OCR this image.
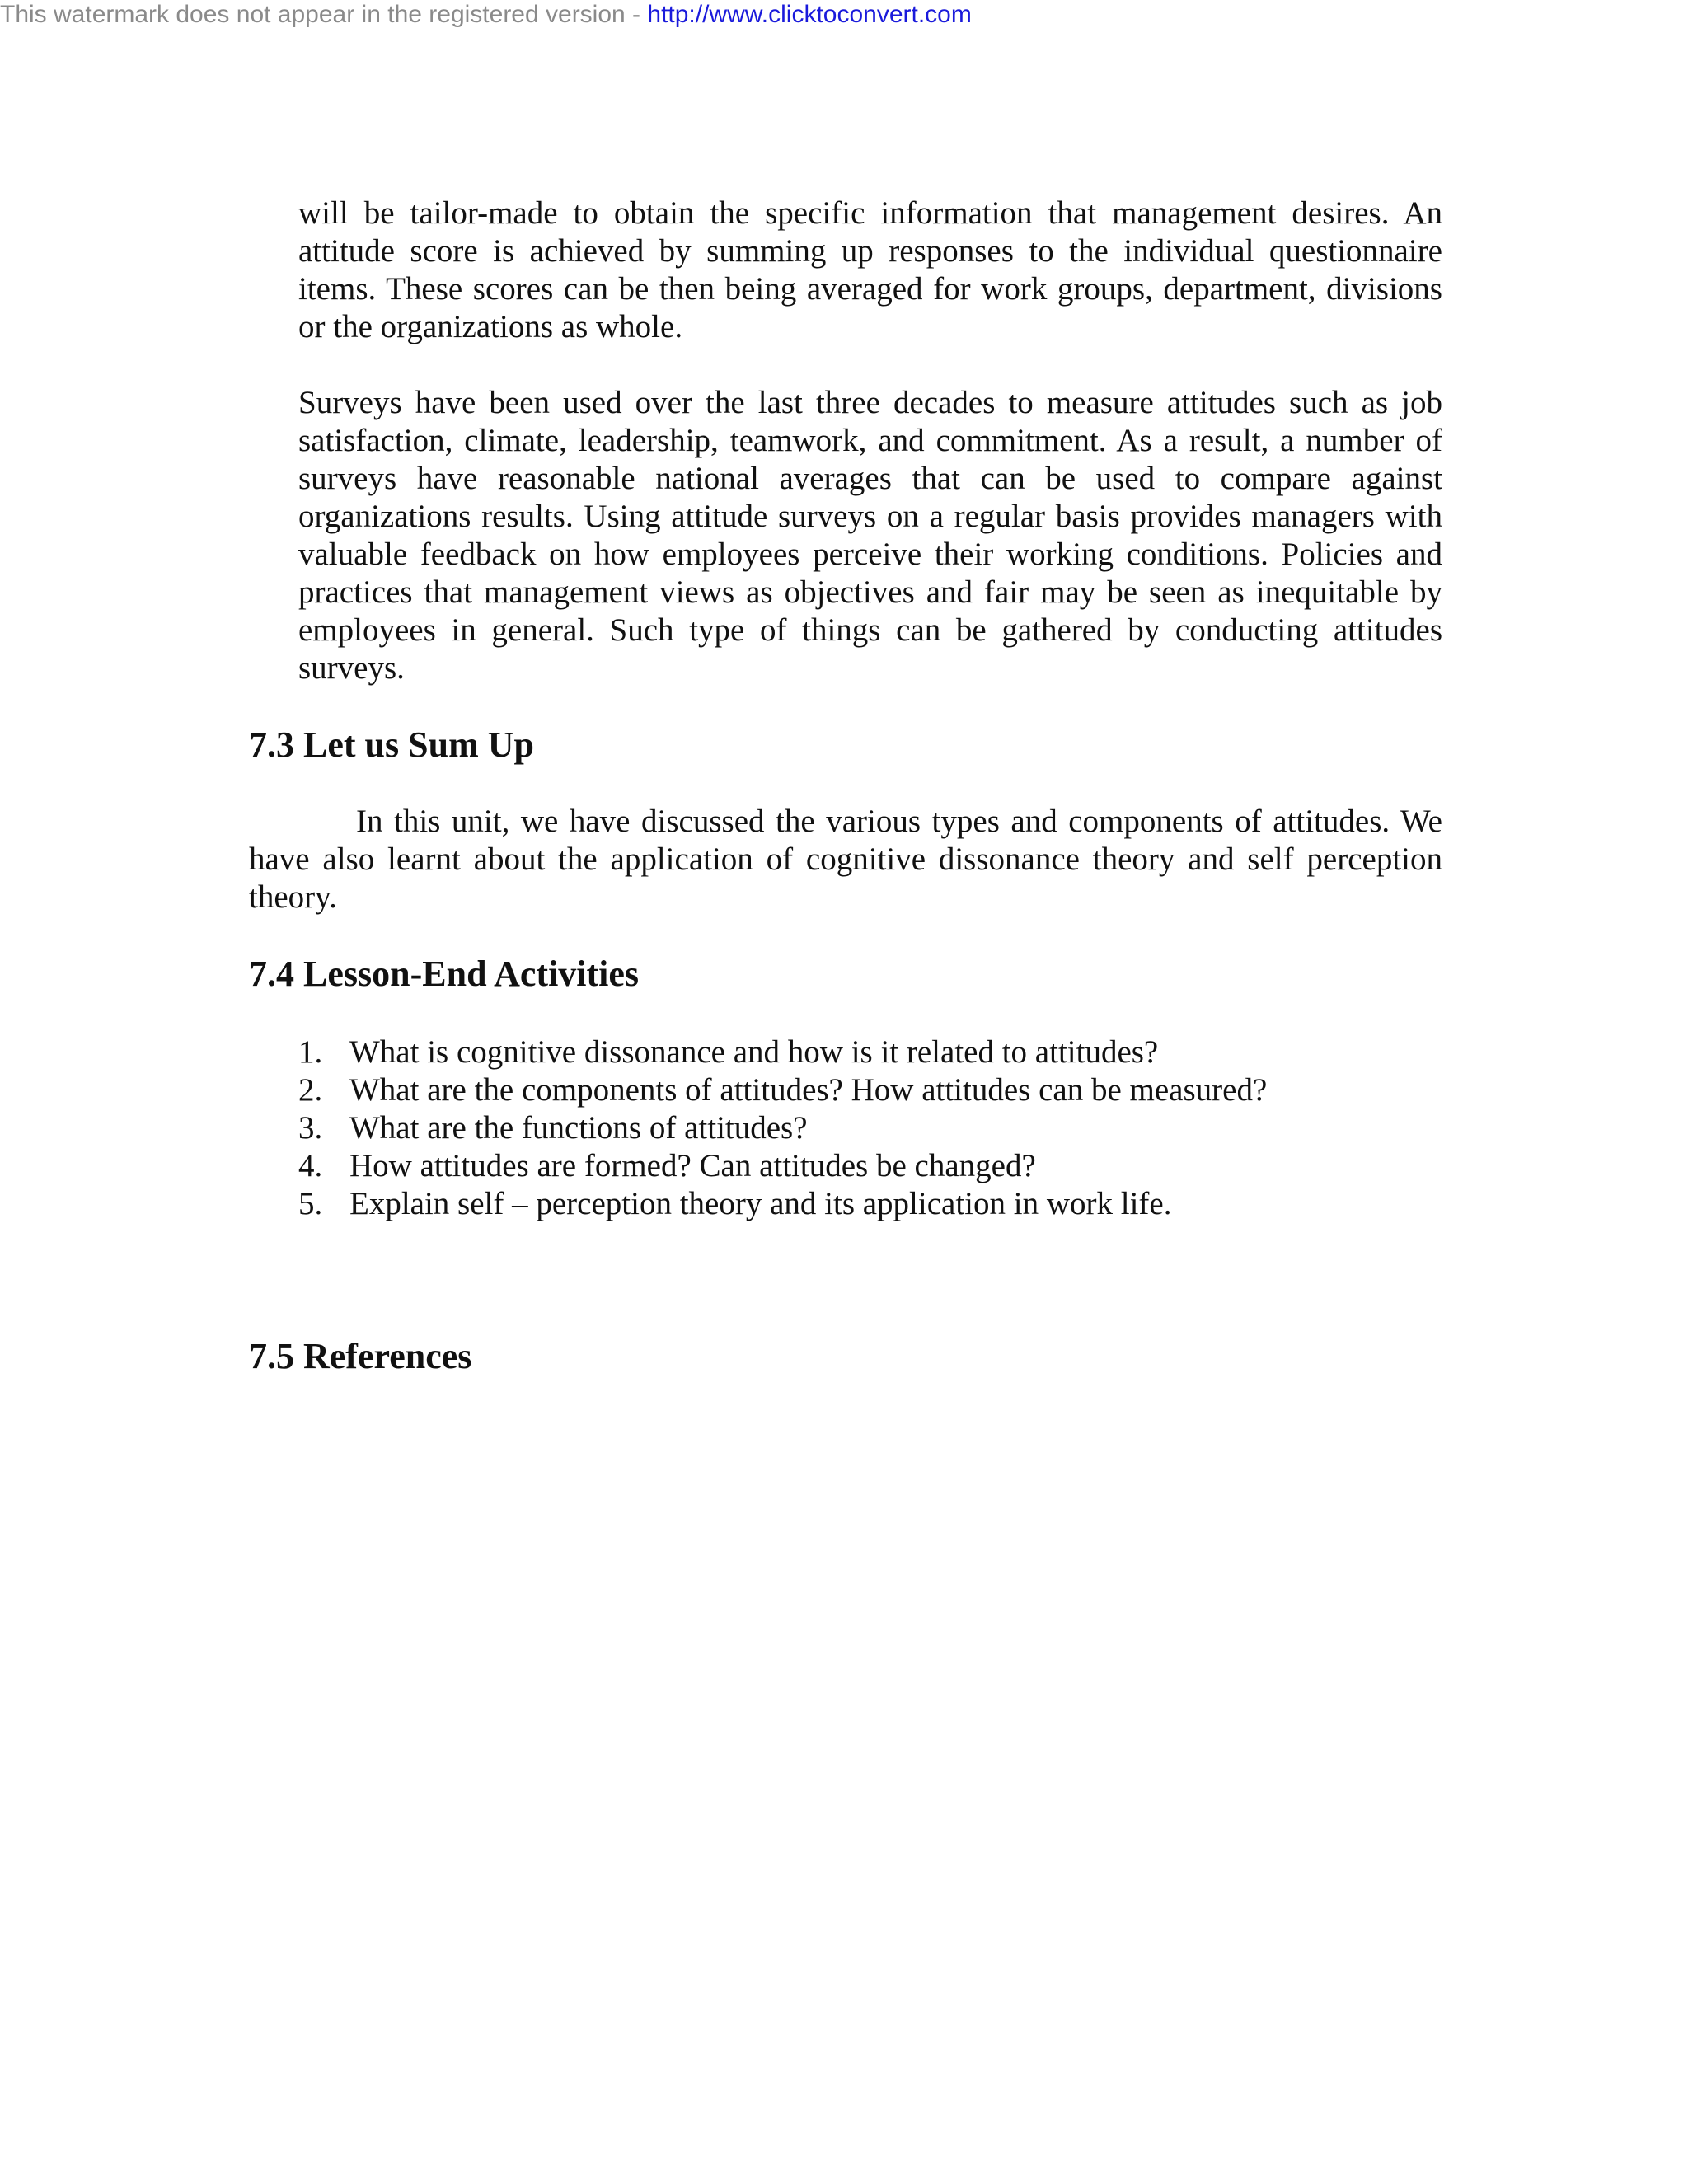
This watermark does not appear in the registered version - http://www.clicktoconvert.com

will be tailor-made to obtain the specific information that management desires. An attitude score is achieved by summing up responses to the individual questionnaire items. These scores can be then being averaged for work groups, department, divisions or the organizations as whole.

Surveys have been used over the last three decades to measure attitudes such as job satisfaction, climate, leadership, teamwork, and commitment. As a result, a number of surveys have reasonable national averages that can be used to compare against organizations results. Using attitude surveys on a regular basis provides managers with valuable feedback on how employees perceive their working conditions. Policies and practices that management views as objectives and fair may be seen as inequitable by employees in general. Such type of things can be gathered by conducting attitudes surveys.

7.3 Let us Sum Up

In this unit, we have discussed the various types and components of attitudes. We have also learnt about the application of cognitive dissonance theory and self perception theory.

7.4 Lesson-End Activities
1. What is cognitive dissonance and how is it related to attitudes?
2. What are the components of attitudes? How attitudes can be measured?
3. What are the functions of attitudes?
4. How attitudes are formed? Can attitudes be changed?
5. Explain self – perception theory and its application in work life.
7.5 References
